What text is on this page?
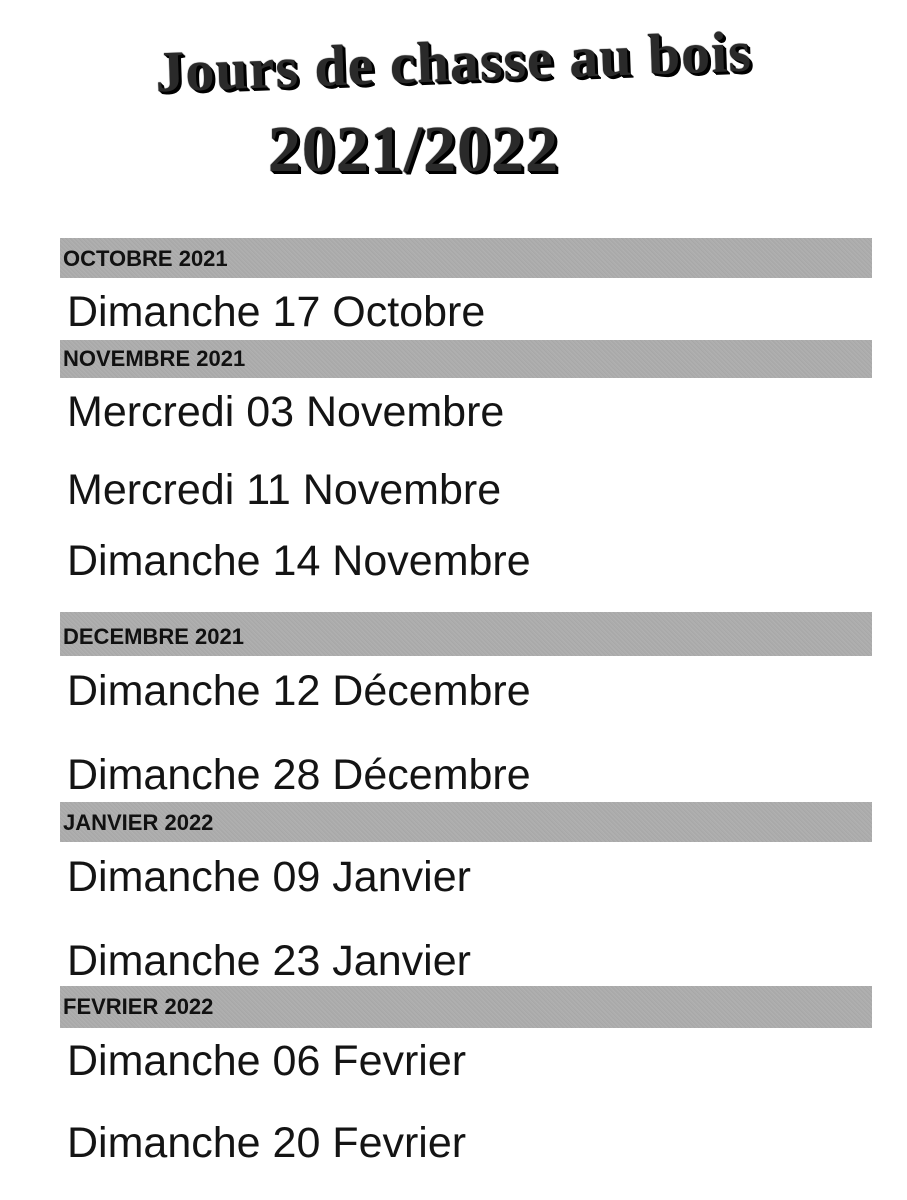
Jours de chasse au bois
2021/2022
OCTOBRE 2021
Dimanche 17 Octobre
NOVEMBRE 2021
Mercredi 03 Novembre
Mercredi 11 Novembre
Dimanche 14 Novembre
DECEMBRE 2021
Dimanche 12 Décembre
Dimanche 28 Décembre
JANVIER 2022
Dimanche 09 Janvier
Dimanche 23 Janvier
FEVRIER 2022
Dimanche 06 Fevrier
Dimanche 20 Fevrier
